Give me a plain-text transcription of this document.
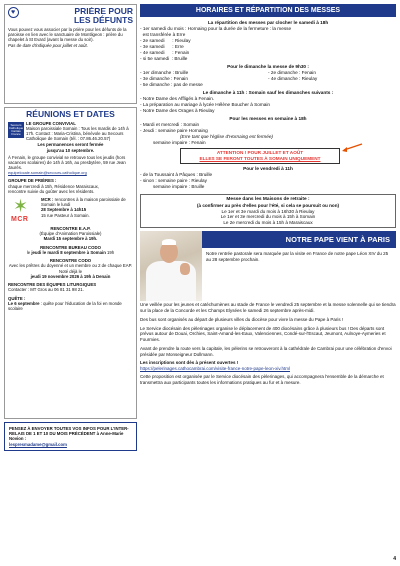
♥
PRIÈRE POUR
LES DÉFUNTS
Vous pouvez vous associer par la prière pour les défunts de la paroisse en lien avec le sanctuaire de Montligeon : prière du chapelet à St Evard (avant la messe du soir).
Pas de date d'indiquée pour juillet et août.
RÉUNIONS ET DATES
Secours Catholique Caritas France
LE GROUPE CONVIVIAL
Maison paroissiale Somain : Tous les mardis de 14h à 17h. Contact : Maria-Cristina, bénévole au Secours Catholique de Somain (tél. : 07.86.46.20.57)
Les permanences seront fermée
jusqu'au 10 septembre.
À Fenain, le groupe convivial se retrouve tous les jeudis (hors vacances scolaires) de 14h à 16h, au presbytère, 59 rue Jean Jaurès.
equipelocale.somain@secours-catholique.org
GROUPE DE PRIÈRES :
chaque mercredi à 15h, Résidence Maraiscaux, rencontre suivie du goûter avec les résidents.
✶
MCR
MCR : rencontres à la maison paroissiale de Somain le lundi
28 Septembre à 14h15
15 rue Pasteur à Somain.
RENCONTRE E.A.P.
(Équipe d'Animation Paroissiale)
Mardi 15 septembre à 19h.
RENCONTRE BUREAU CODO
le jeudi le mardi 8 septembre à Somain 19h
RENCONTRE CODO
Avec les prêtres du doyenné et un membre ou 2 de chaque EAP.
Noté déjà le
jeudi 19 novembre 2026 à 19h à Denain
RENCONTRE DES ÉQUIPES LITURGIQUES
Contacter : MT Gros au 06 81 31 98 21.
QUÊTE :
Le 6 septembre : quête pour l'éducation de la foi en monde scolaire
PENSEZ À ENVOYER TOUTES VOS INFOS POUR L'INTER-RELAIS DE 1 ET 10 DU MOIS PRÉCÉDENT à Anne-Marie Novion :
lespresmadame@gmail.com
HORAIRES ET RÉPARTITION DES MESSES
La répartition des messes par clocher le samedi à 18h
- 1er samedi du mois : Hornaing pour la durée de la fermeture : la messe
est transférée à Erre
- 2e samedi      : Rieulay
- 3e samedi      : Erre
- 4e samedi      : Fenain
- si 5e samedi  : Bruille
Pour le dimanche la messe de 9h30 :
- 1er dimanche : Bruille	- 2e dimanche : Fenain
- 3e dimanche : Fenain	- 4e dimanche : Rieulay
- 5e dimanche : pas de messe
Le dimanche à 11h : Somain sauf les dimanches suivants :
- Notre Dame des Affligés à Fenain.
- La préparation au mariage à lycée Hélène Boucher à Somain
- Notre Dame des Orages à Rieulay
Pour les messes en semaine à 18h
- Mardi et mercredi : Somain
- Jeudi : semaine paire Hornaing
(Erre tant que l'église d'Hornaing est fermée)
semaine impaire : Fenain
ATTENTION ! POUR JUILLET ET AOÛT
ELLES SE FERONT TOUTES À SOMAIN UNIQUEMENT
Pour le vendredi à 11h
- de la Toussaint à Pâques : Bruille
- sinon : semaine paire : Rieulay
semaine impaire : Bruille
Messe dans les Maisons de retraite :
(à confirmer au près d'elles pour l'été, si cela se poursuit ou non)
Le 1er et 3e mardi du mois à 16h30 à Rieulay
Le 1er et 3e mercredi du mois à 15h à Somain
Le 2e mercredi du mois à 15h à Maraiscaux
NOTRE PAPE VIENT À PARIS
Notre rentrée pastorale sera marquée par la visite en France de notre pape Léon XIV du 25 au 28 septembre prochain.
Une veillée pour les jeunes et catéchumènes au stade de France le vendredi 25 septembre et la messe solennelle qui se tiendra sur la place de la Concorde et les Champs Elysées le samedi 26 septembre après-midi.
Des bus sont organisés au départ de plusieurs villes du diocèse pour vivre la messe du Pape à Paris !
Le Service diocésain des pèlerinages organise le déplacement de 400 diocésains grâce à plusieurs bus ! Des départs sont prévus autour de Douai, Orchies, Saint-Amand-les-Eaux, Valenciennes, Condé-sur-l'Escaut, Jeumont, Aulnoye-Aymeries et Fourmies.
Avant de prendre la route vers la capitale, les pèlerins se retrouveront à la cathédrale de Cambrai pour une célébration d'envoi présidée par Monseigneur Dollmann.
Les inscriptions sont dès à présent ouvertes !
https://pelerinages.cathocambrai.com/visite-france-notre-pape-leon-xiv.html
Cette proposition est organisée par le Service diocésain des pèlerinages, qui accompagnera l'ensemble de la démarche et transmettra aux participants toutes les informations pratiques au fur et à mesure.
4
